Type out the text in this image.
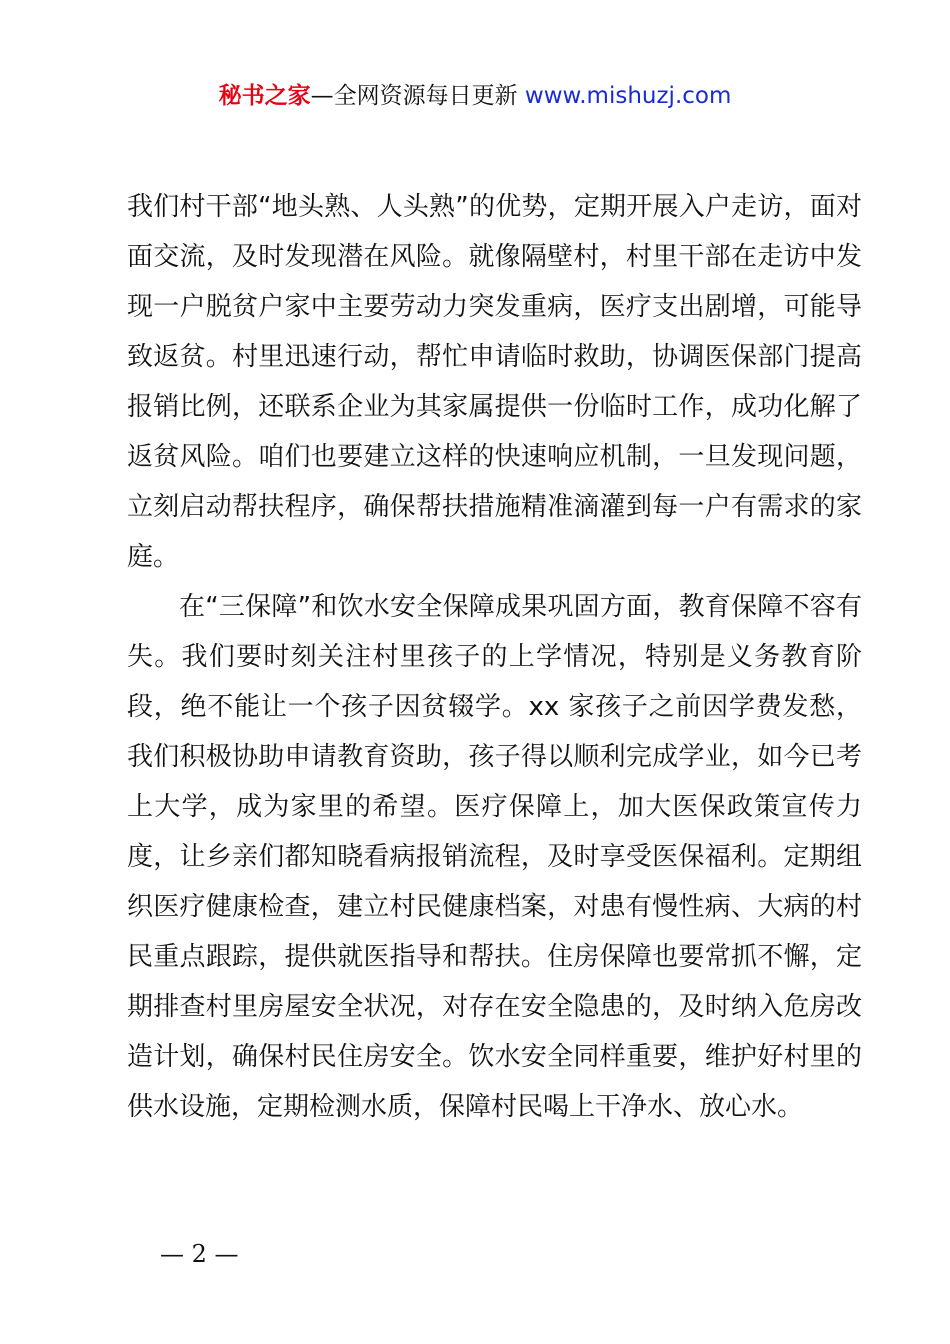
秘书之家—全网资源每日更新 www.mishuzj.com

我们村干部“地头熟、人头熟”的优势，定期开展入户走访，面对面交流，及时发现潜在风险。就像隔壁村，村里干部在走访中发现一户脱贫户家中主要劳动力突发重病，医疗支出剧增，可能导致返贫。村里迅速行动，帮忙申请临时救助，协调医保部门提高报销比例，还联系企业为其家属提供一份临时工作，成功化解了返贫风险。咱们也要建立这样的快速响应机制，一旦发现问题，立刻启动帮扶程序，确保帮扶措施精准滴灌到每一户有需求的家庭。

在“三保障”和饮水安全保障成果巩固方面，教育保障不容有失。我们要时刻关注村里孩子的上学情况，特别是义务教育阶段，绝不能让一个孩子因贫辍学。xx 家孩子之前因学费发愁，我们积极协助申请教育资助，孩子得以顺利完成学业，如今已考上大学，成为家里的希望。医疗保障上，加大医保政策宣传力度，让乡亲们都知晓看病报销流程，及时享受医保福利。定期组织医疗健康检查，建立村民健康档案，对患有慢性病、大病的村民重点跟踪，提供就医指导和帮扶。住房保障也要常抓不懈，定期排查村里房屋安全状况，对存在安全隐患的，及时纳入危房改造计划，确保村民住房安全。饮水安全同样重要，维护好村里的供水设施，定期检测水质，保障村民喝上干净水、放心水。

— 2 —
